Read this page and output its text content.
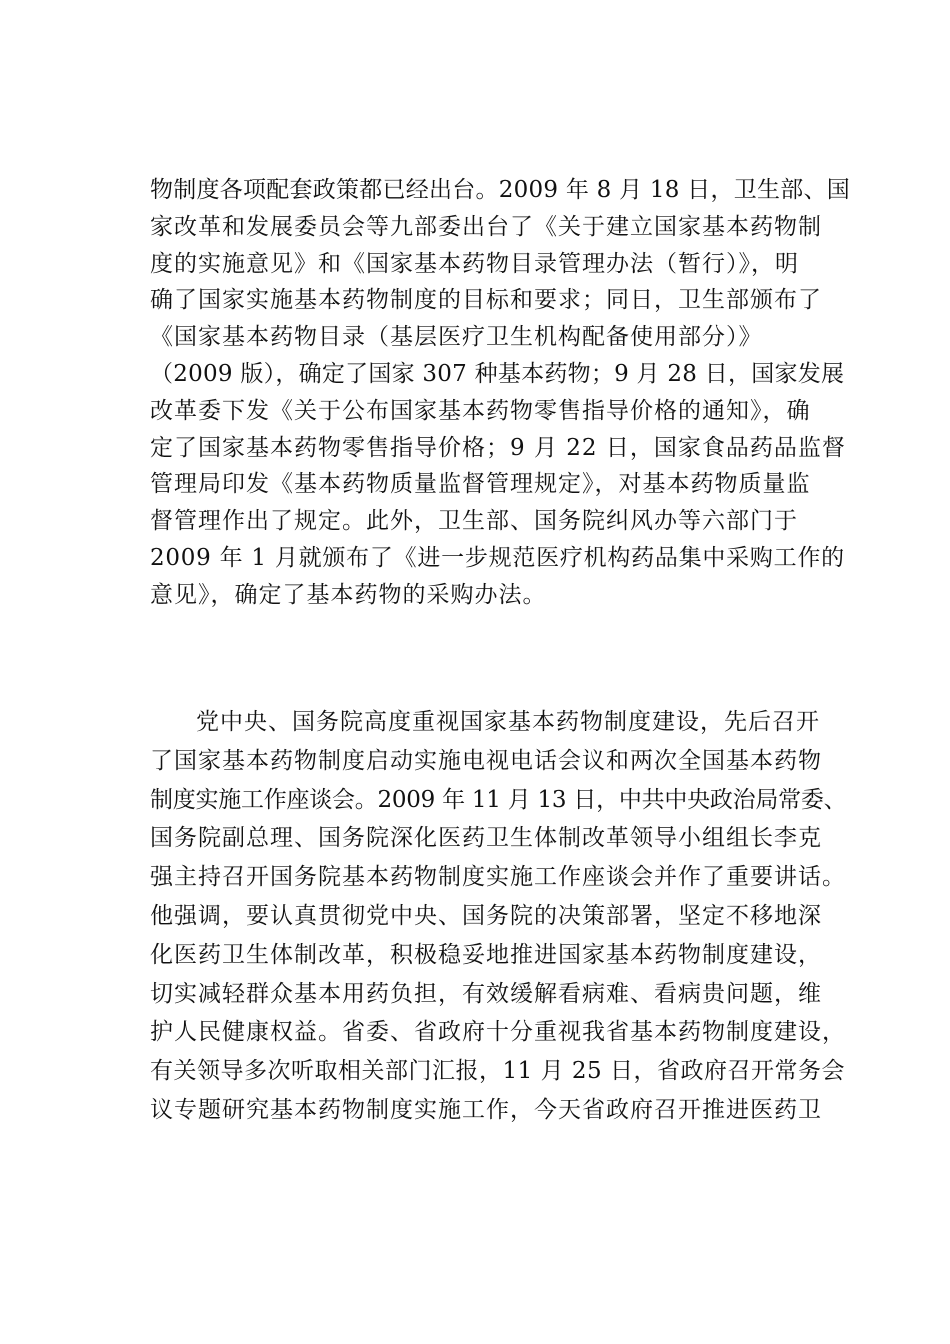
物制度各项配套政策都已经出台。2009 年 8 月 18 日，卫生部、国
家改革和发展委员会等九部委出台了《关于建立国家基本药物制
度的实施意见》和《国家基本药物目录管理办法（暂行）》，明
确了国家实施基本药物制度的目标和要求；同日，卫生部颁布了
《国家基本药物目录（基层医疗卫生机构配备使用部分）》
（2009 版），确定了国家 307 种基本药物；9 月 28 日，国家发展
改革委下发《关于公布国家基本药物零售指导价格的通知》，确
定了国家基本药物零售指导价格；9 月 22 日，国家食品药品监督
管理局印发《基本药物质量监督管理规定》，对基本药物质量监
督管理作出了规定。此外，卫生部、国务院纠风办等六部门于
2009 年 1 月就颁布了《进一步规范医疗机构药品集中采购工作的
意见》，确定了基本药物的采购办法。
党中央、国务院高度重视国家基本药物制度建设，先后召开
了国家基本药物制度启动实施电视电话会议和两次全国基本药物
制度实施工作座谈会。2009 年 11 月 13 日，中共中央政治局常委、
国务院副总理、国务院深化医药卫生体制改革领导小组组长李克
强主持召开国务院基本药物制度实施工作座谈会并作了重要讲话。
他强调，要认真贯彻党中央、国务院的决策部署，坚定不移地深
化医药卫生体制改革，积极稳妥地推进国家基本药物制度建设，
切实减轻群众基本用药负担，有效缓解看病难、看病贵问题，维
护人民健康权益。省委、省政府十分重视我省基本药物制度建设，
有关领导多次听取相关部门汇报，11 月 25 日，省政府召开常务会
议专题研究基本药物制度实施工作，今天省政府召开推进医药卫
